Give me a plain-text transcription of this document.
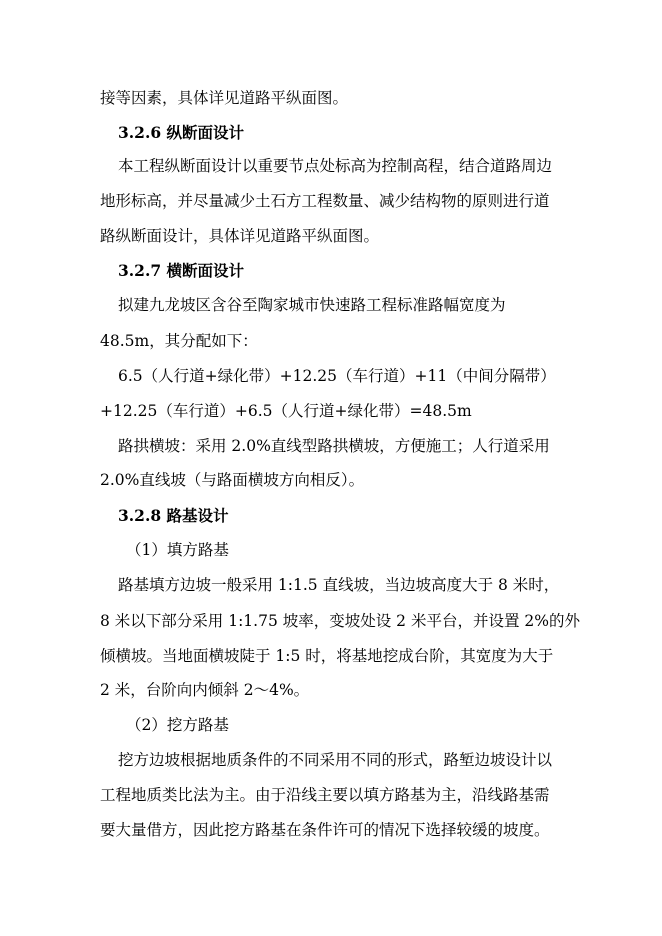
接等因素，具体详见道路平纵面图。
3.2.6 纵断面设计
本工程纵断面设计以重要节点处标高为控制高程，结合道路周边
地形标高，并尽量减少土石方工程数量、减少结构物的原则进行道
路纵断面设计，具体详见道路平纵面图。
3.2.7 横断面设计
拟建九龙坡区含谷至陶家城市快速路工程标准路幅宽度为
48.5m，其分配如下：
6.5（人行道+绿化带）+12.25（车行道）+11（中间分隔带）
+12.25（车行道）+6.5（人行道+绿化带）=48.5m
路拱横坡：采用 2.0%直线型路拱横坡，方便施工；人行道采用
2.0%直线坡（与路面横坡方向相反）。
3.2.8 路基设计
（1）填方路基
路基填方边坡一般采用 1:1.5 直线坡，当边坡高度大于 8 米时，
8 米以下部分采用 1:1.75 坡率，变坡处设 2 米平台，并设置 2%的外
倾横坡。当地面横坡陡于 1:5 时，将基地挖成台阶，其宽度为大于
2 米，台阶向内倾斜 2～4%。
（2）挖方路基
挖方边坡根据地质条件的不同采用不同的形式，路堑边坡设计以
工程地质类比法为主。由于沿线主要以填方路基为主，沿线路基需
要大量借方，因此挖方路基在条件许可的情况下选择较缓的坡度。
